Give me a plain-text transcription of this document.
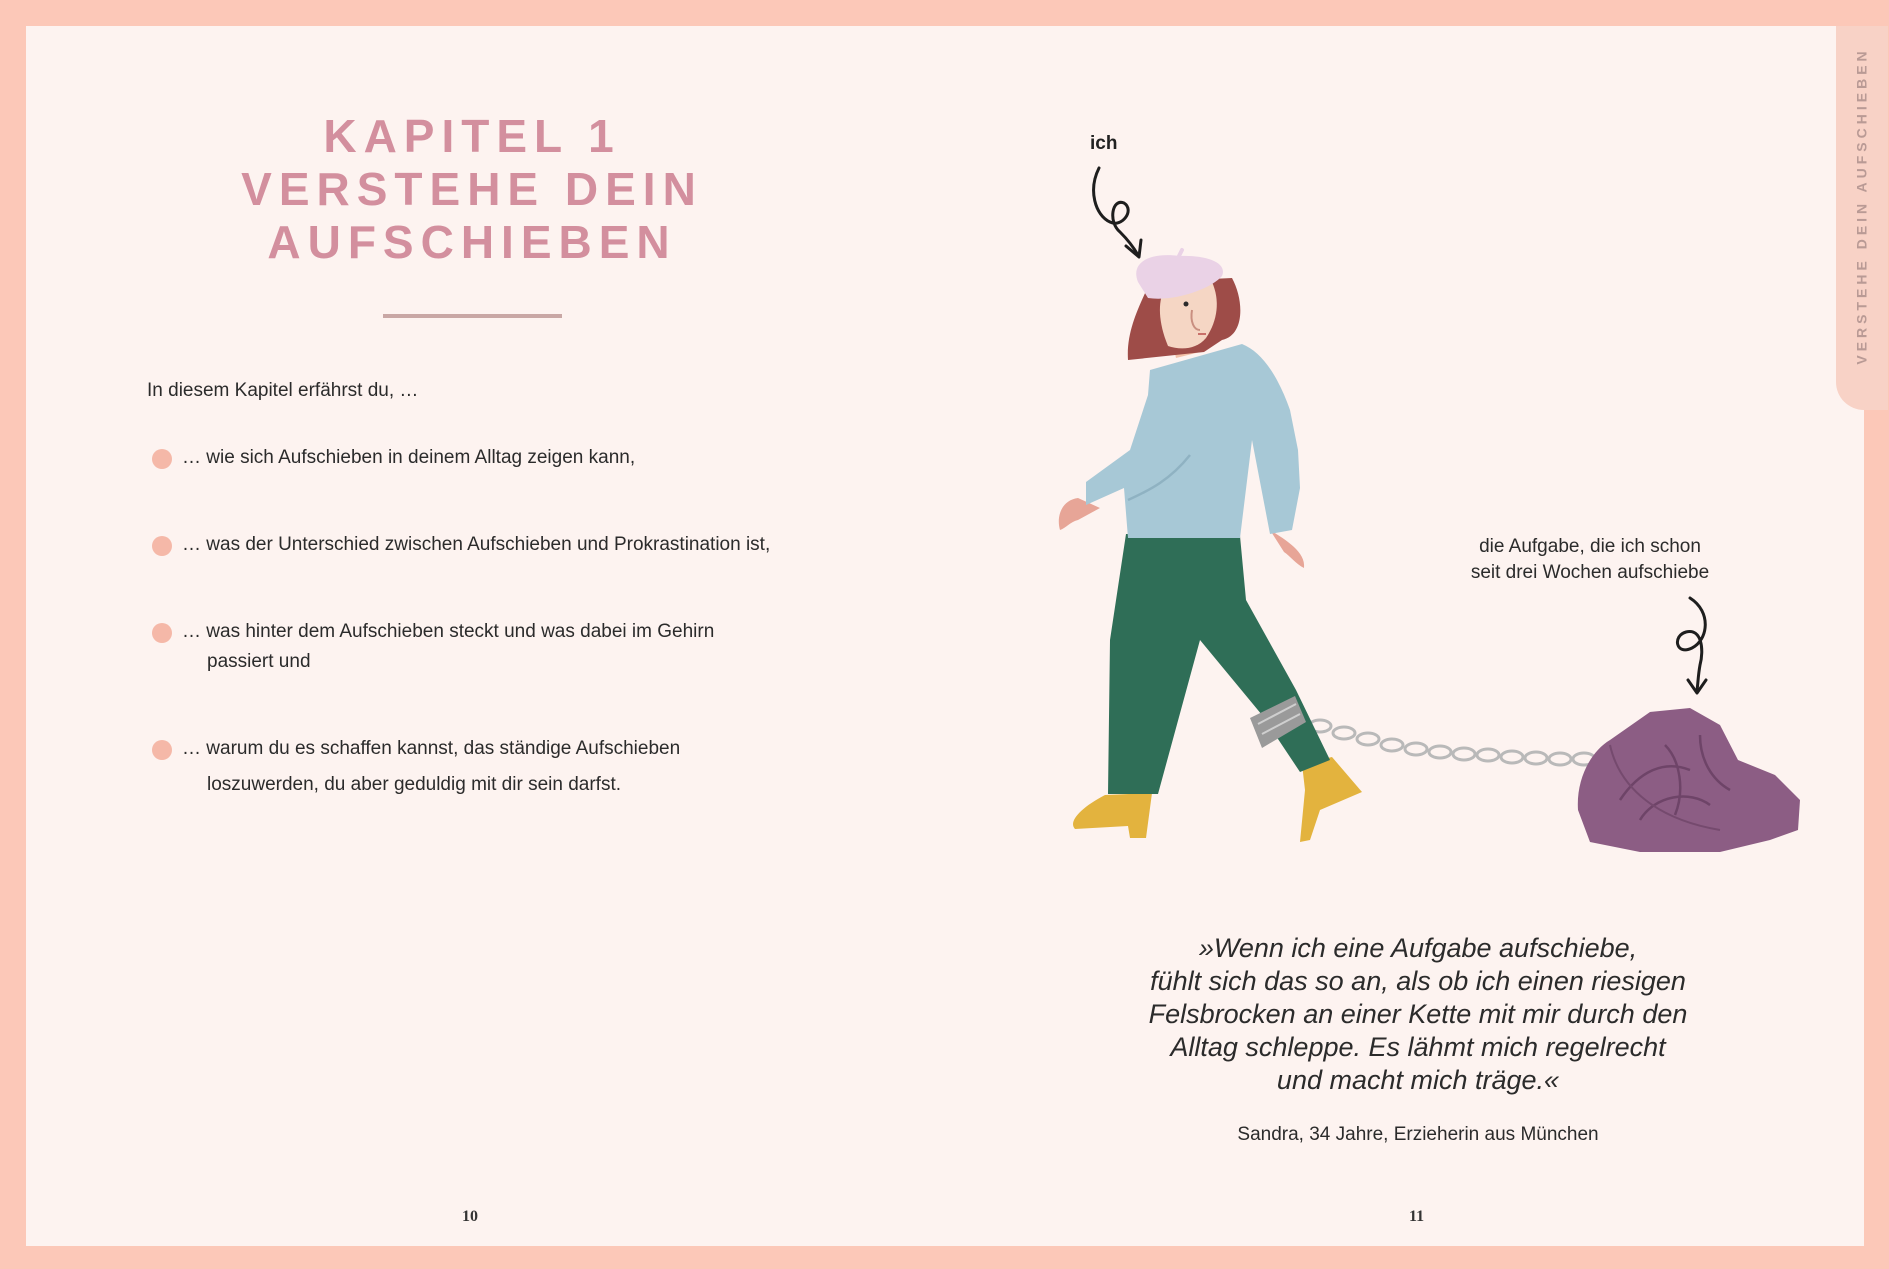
VERSTEHE DEIN AUFSCHIEBEN
KAPITEL 1
VERSTEHE DEIN
AUFSCHIEBEN
In diesem Kapitel erfährst du, …
… wie sich Aufschieben in deinem Alltag zeigen kann,
… was der Unterschied zwischen Aufschieben und Prokrastination ist,
… was hinter dem Aufschieben steckt und was dabei im Gehirn
passiert und
… warum du es schaffen kannst, das ständige Aufschieben
loszuwerden, du aber geduldig mit dir sein darfst.
10
ich
die Aufgabe, die ich schon
seit drei Wochen aufschiebe
»Wenn ich eine Aufgabe aufschiebe,
fühlt sich das so an, als ob ich einen riesigen
Felsbrocken an einer Kette mit mir durch den
Alltag schleppe. Es lähmt mich regelrecht
und macht mich träge.«
Sandra, 34 Jahre, Erzieherin aus München
11
